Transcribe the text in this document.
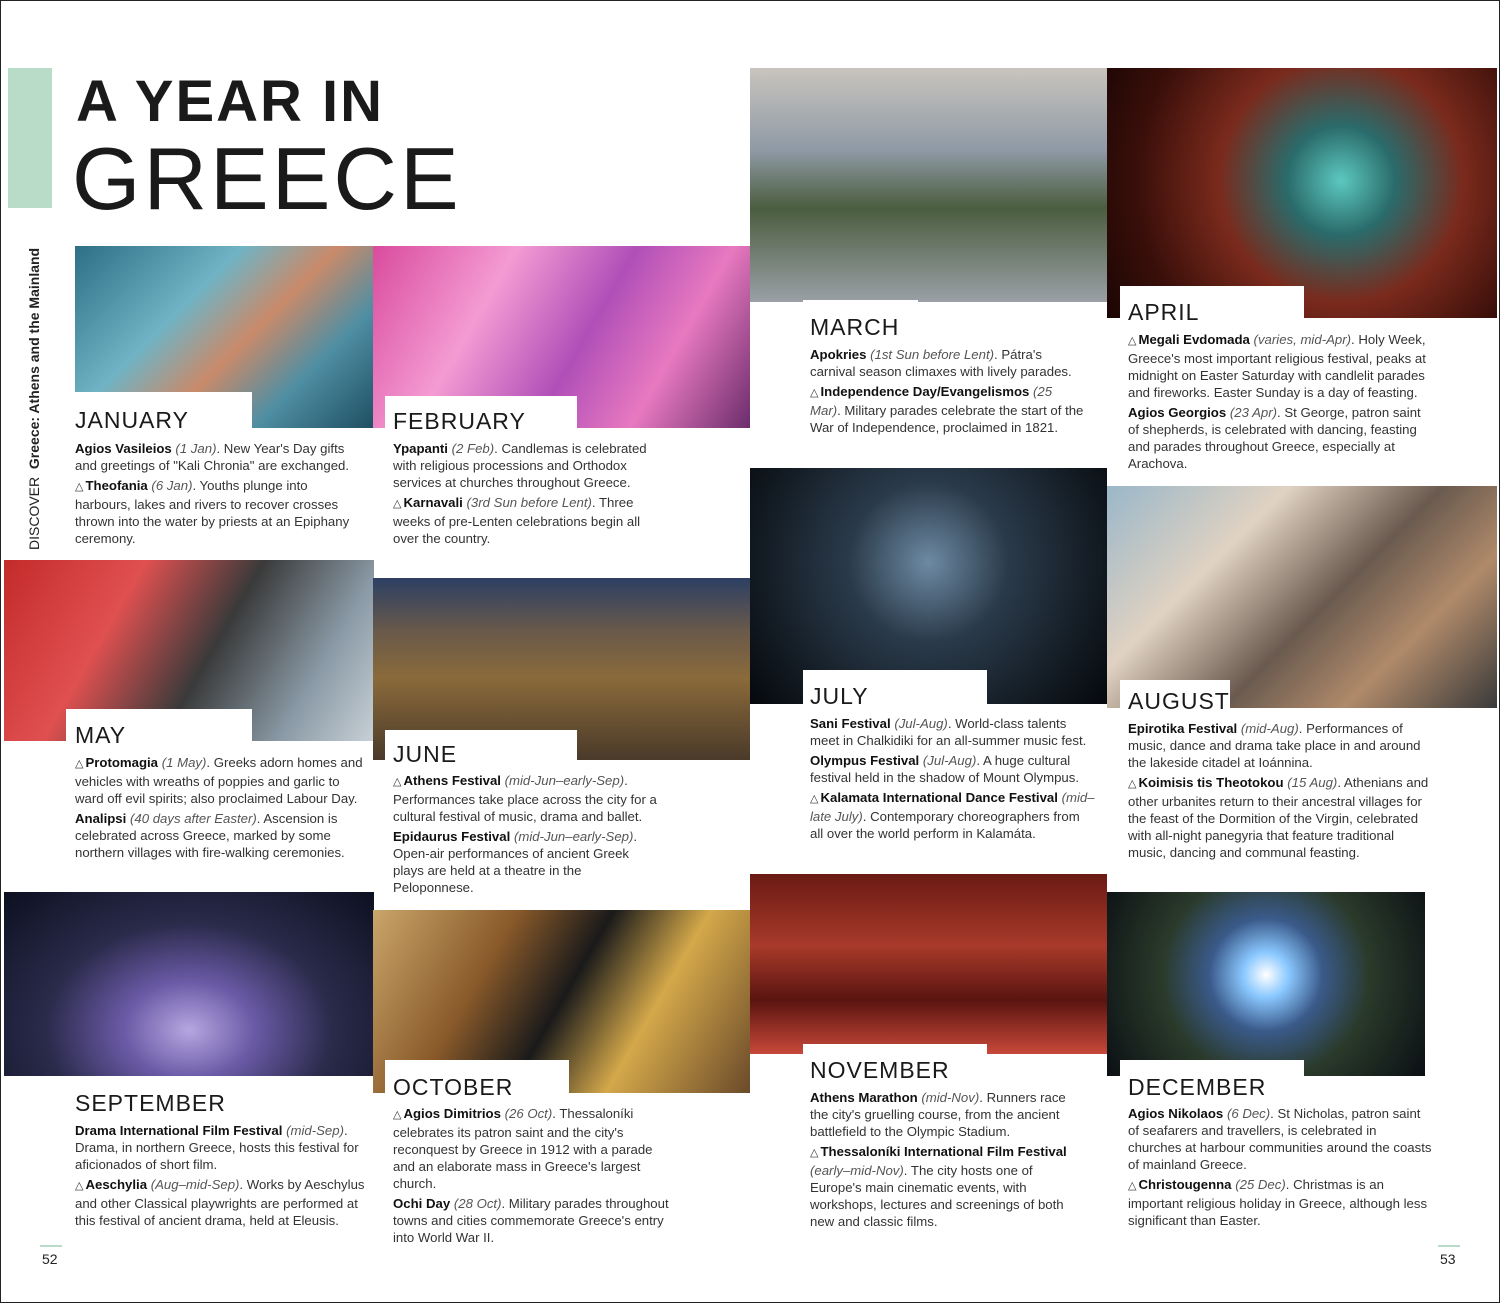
A YEAR IN
GREECE
DISCOVER  Greece: Athens and the Mainland JANUARY	FEBRUARY
MARCH
APRIL
MAY
JUNE
JULY	AUGUST
SEPTEMBER
OCTOBER
NOVEMBER
DECEMBER

Agios Vasileios (1 Jan). New Year's Day gifts and greetings of "Kali Chronia" are exchanged.

△ Theofania (6 Jan). Youths plunge into harbours, lakes and rivers to recover crosses thrown into the water by priests at an Epiphany ceremony.

Ypapanti (2 Feb). Candlemas is celebrated with religious processions and Orthodox services at churches throughout Greece.

△ Karnavali (3rd Sun before Lent). Three weeks of pre-Lenten celebrations begin all over the country.

Apokries (1st Sun before Lent). Pátra's carnival season climaxes with lively parades.

△ Independence Day/Evangelismos (25 Mar). Military parades celebrate the start of the War of Independence, proclaimed in 1821.

△ Megali Evdomada (varies, mid-Apr). Holy Week, Greece's most important religious festival, peaks at midnight on Easter Saturday with candlelit parades and fireworks. Easter Sunday is a day of feasting.

Agios Georgios (23 Apr). St George, patron saint of shepherds, is celebrated with dancing, feasting and parades throughout Greece, especially at Arachova.

△ Protomagia (1 May). Greeks adorn homes and vehicles with wreaths of poppies and garlic to ward off evil spirits; also proclaimed Labour Day.

Analipsi (40 days after Easter). Ascension is celebrated across Greece, marked by some northern villages with fire-walking ceremonies.

△ Athens Festival (mid-Jun–early-Sep). Performances take place across the city for a cultural festival of music, drama and ballet.

Epidaurus Festival (mid-Jun–early-Sep). Open-air performances of ancient Greek plays are held at a theatre in the Peloponnese.

Sani Festival (Jul-Aug). World-class talents meet in Chalkidiki for an all-summer music fest.

Olympus Festival (Jul-Aug). A huge cultural festival held in the shadow of Mount Olympus.

△ Kalamata International Dance Festival (mid–late July). Contemporary choreographers from all over the world perform in Kalamáta.

Epirotika Festival (mid-Aug). Performances of music, dance and drama take place in and around the lakeside citadel at Ioánnina.

△ Koimisis tis Theotokou (15 Aug). Athenians and other urbanites return to their ancestral villages for the feast of the Dormition of the Virgin, celebrated with all-night panegyria that feature traditional music, dancing and communal feasting.

Drama International Film Festival (mid-Sep). Drama, in northern Greece, hosts this festival for aficionados of short film.

△ Aeschylia (Aug–mid-Sep). Works by Aeschylus and other Classical playwrights are performed at this festival of ancient drama, held at Eleusis.

△ Agios Dimitrios (26 Oct). Thessaloníki celebrates its patron saint and the city's reconquest by Greece in 1912 with a parade and an elaborate mass in Greece's largest church.

Ochi Day (28 Oct). Military parades throughout towns and cities commemorate Greece's entry into World War II.

Athens Marathon (mid-Nov). Runners race the city's gruelling course, from the ancient battlefield to the Olympic Stadium.

△ Thessaloníki International Film Festival (early–mid-Nov). The city hosts one of Europe's main cinematic events, with workshops, lectures and screenings of both new and classic films.

Agios Nikolaos (6 Dec). St Nicholas, patron saint of seafarers and travellers, is celebrated in churches at harbour communities around the coasts of mainland Greece.

△ Christougenna (25 Dec). Christmas is an important religious holiday in Greece, although less significant than Easter.

52	53
